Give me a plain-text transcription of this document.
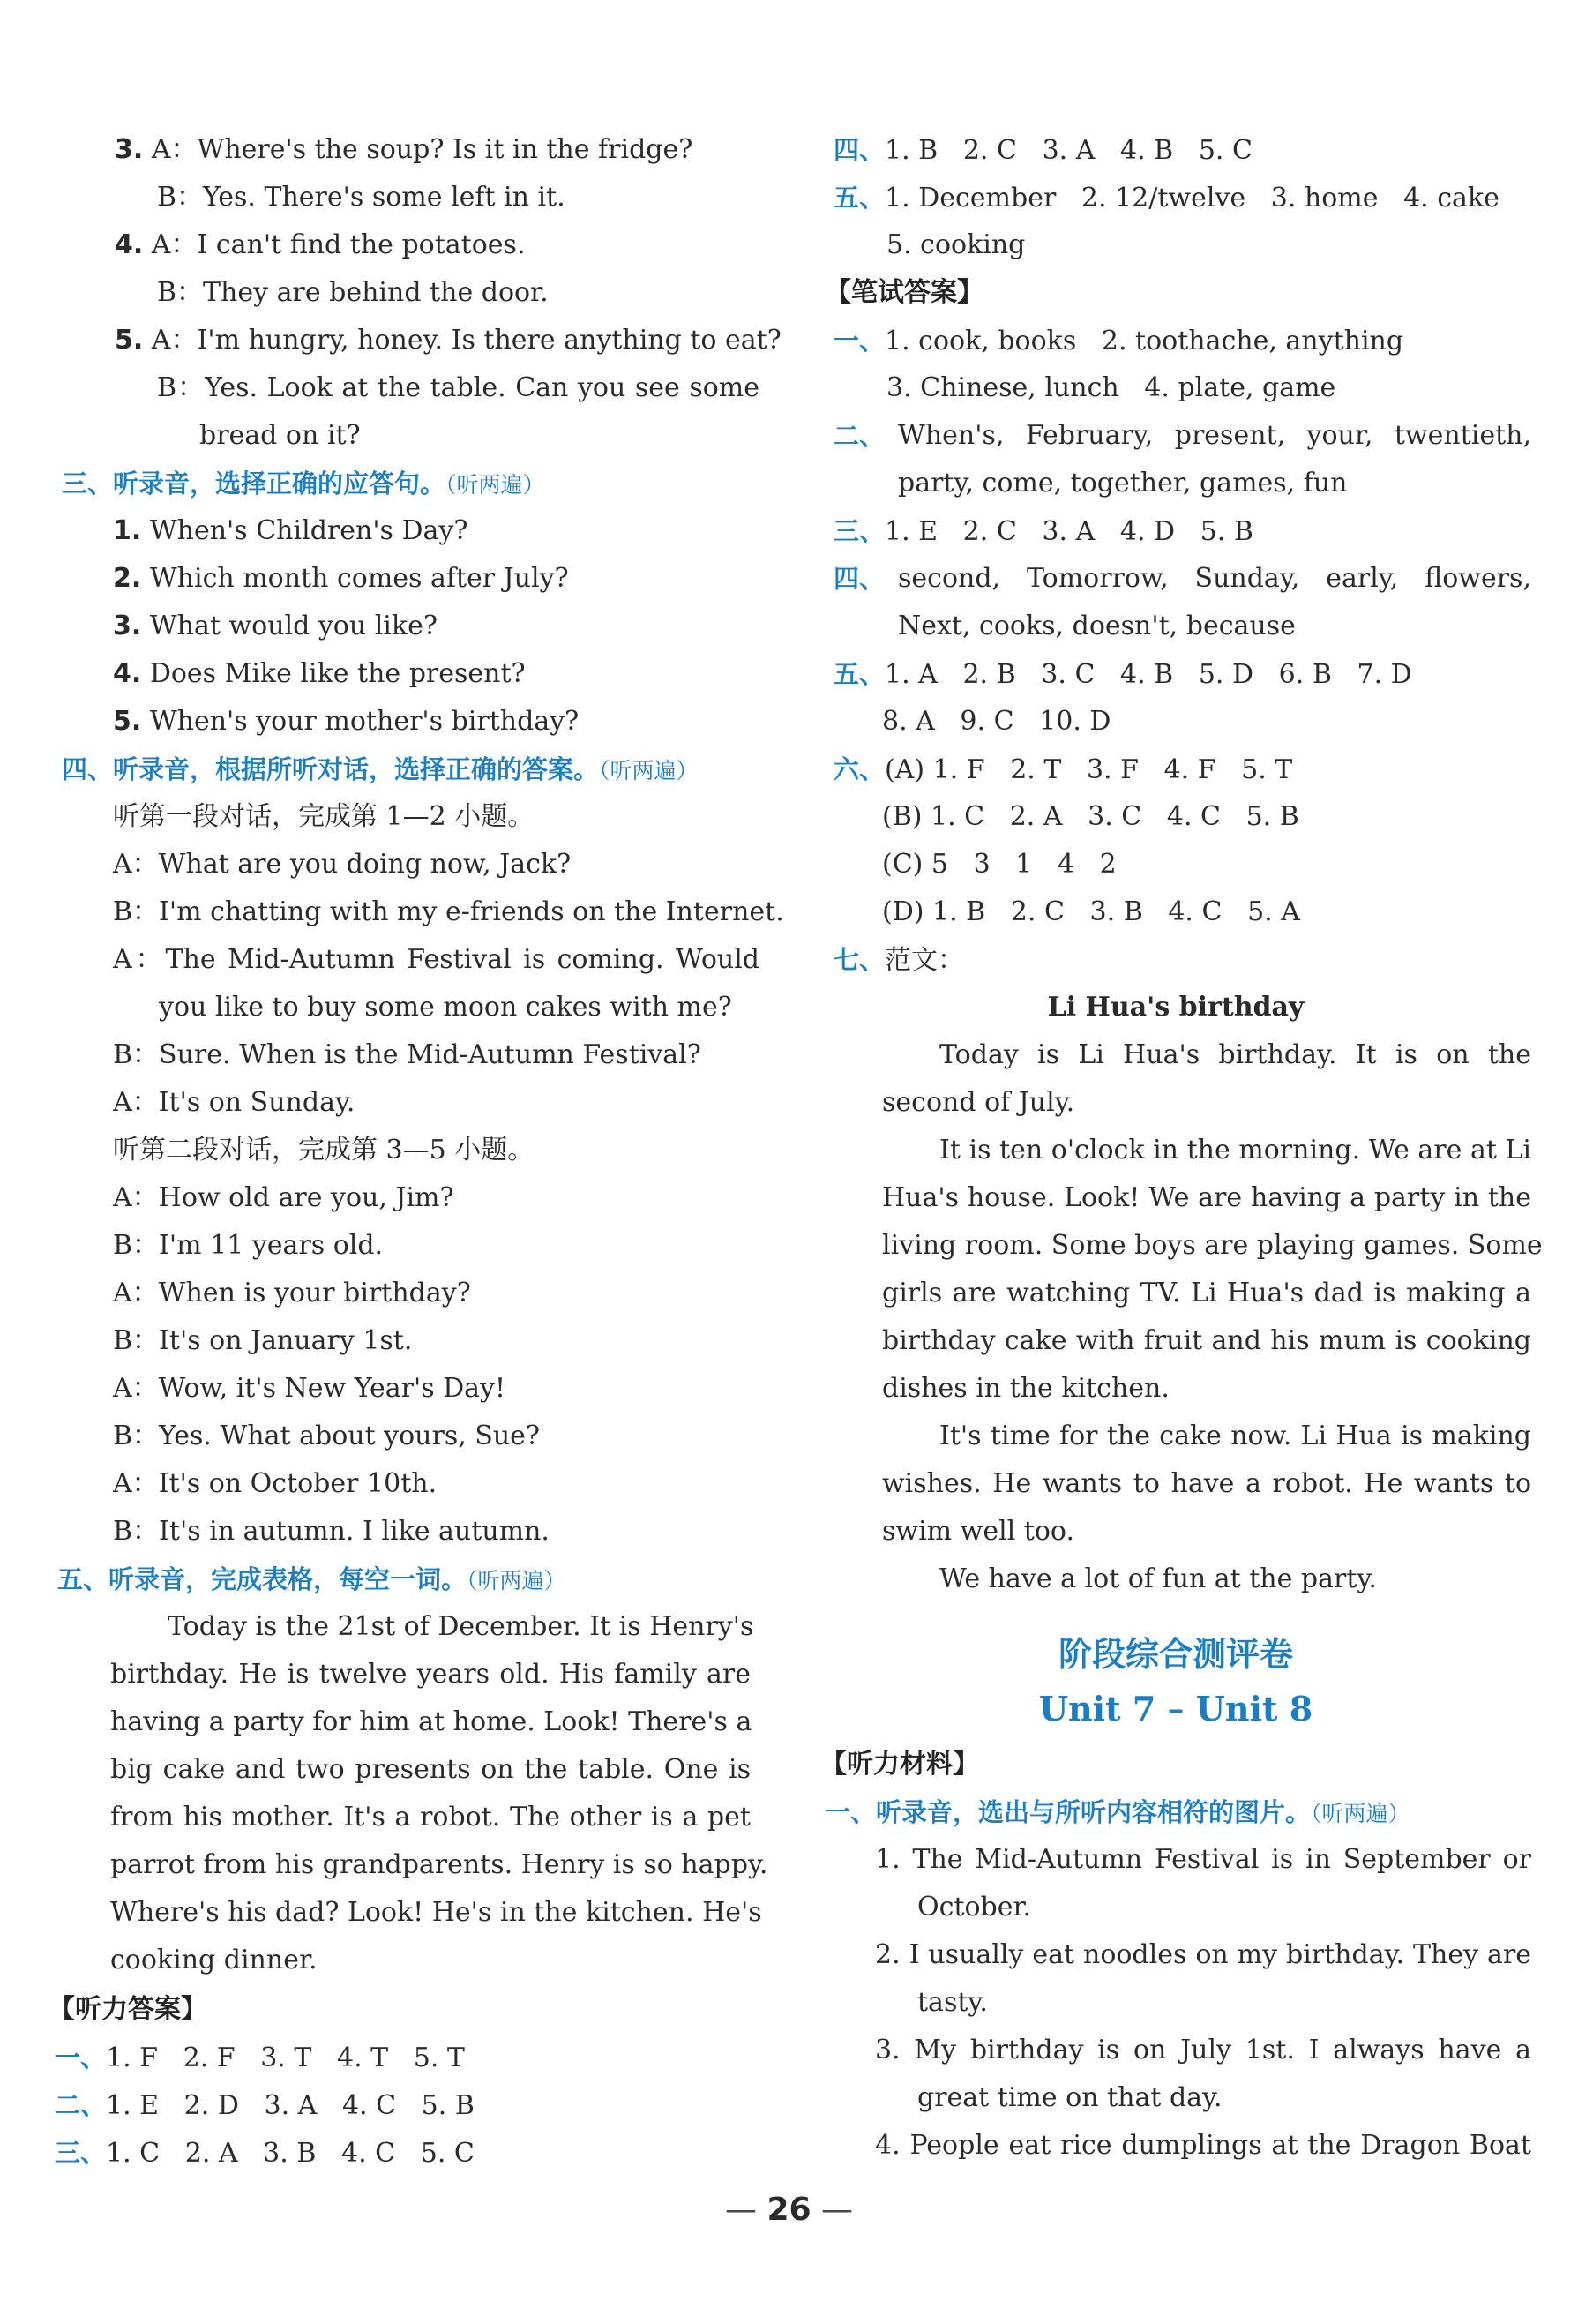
3. A：Where's the soup? Is it in the fridge?
B：Yes. There's some left in it.
4. A：I can't find the potatoes.
B：They are behind the door.
5. A：I'm hungry, honey. Is there anything to eat?
B：Yes. Look at the table. Can you see some
bread on it?
三、听录音，选择正确的应答句。（听两遍）
1. When's Children's Day?
2. Which month comes after July?
3. What would you like?
4. Does Mike like the present?
5. When's your mother's birthday?
四、听录音，根据所听对话，选择正确的答案。（听两遍）
听第一段对话，完成第 1—2 小题。
A：What are you doing now, Jack?
B：I'm chatting with my e-friends on the Internet.
A：The Mid-Autumn Festival is coming. Would
you like to buy some moon cakes with me?
B：Sure. When is the Mid-Autumn Festival?
A：It's on Sunday.
听第二段对话，完成第 3—5 小题。
A：How old are you, Jim?
B：I'm 11 years old.
A：When is your birthday?
B：It's on January 1st.
A：Wow, it's New Year's Day!
B：Yes. What about yours, Sue?
A：It's on October 10th.
B：It's in autumn. I like autumn.
五、听录音，完成表格，每空一词。（听两遍）
Today is the 21st of December. It is Henry's
birthday. He is twelve years old. His family are
having a party for him at home. Look! There's a
big cake and two presents on the table. One is
from his mother. It's a robot. The other is a pet
parrot from his grandparents. Henry is so happy.
Where's his dad? Look! He's in the kitchen. He's
cooking dinner.
【听力答案】
一、1. F   2. F   3. T   4. T   5. T
二、1. E   2. D   3. A   4. C   5. B
三、1. C   2. A   3. B   4. C   5. C
四、1. B   2. C   3. A   4. B   5. C
五、1. December   2. 12/twelve   3. home   4. cake
5. cooking
【笔试答案】
一、1. cook, books   2. toothache, anything
3. Chinese, lunch   4. plate, game
二、 When's, February, present, your, twentieth,
party, come, together, games, fun
三、1. E   2. C   3. A   4. D   5. B
四、 second, Tomorrow, Sunday, early, flowers,
Next, cooks, doesn't, because
五、1. A   2. B   3. C   4. B   5. D   6. B   7. D
8. A   9. C   10. D
六、(A) 1. F   2. T   3. F   4. F   5. T
(B) 1. C   2. A   3. C   4. C   5. B
(C) 5   3   1   4   2
(D) 1. B   2. C   3. B   4. C   5. A
七、范文：
Li Hua's birthday
Today is Li Hua's birthday. It is on the
second of July.
It is ten o'clock in the morning. We are at Li
Hua's house. Look! We are having a party in the
living room. Some boys are playing games. Some
girls are watching TV. Li Hua's dad is making a
birthday cake with fruit and his mum is cooking
dishes in the kitchen.
It's time for the cake now. Li Hua is making
wishes. He wants to have a robot. He wants to
swim well too.
We have a lot of fun at the party.
阶段综合测评卷
Unit 7 – Unit 8
【听力材料】
一、听录音，选出与所听内容相符的图片。（听两遍）
1. The Mid-Autumn Festival is in September or
October.
2. I usually eat noodles on my birthday. They are
tasty.
3. My birthday is on July 1st. I always have a
great time on that day.
4. People eat rice dumplings at the Dragon Boat
— 26 —
